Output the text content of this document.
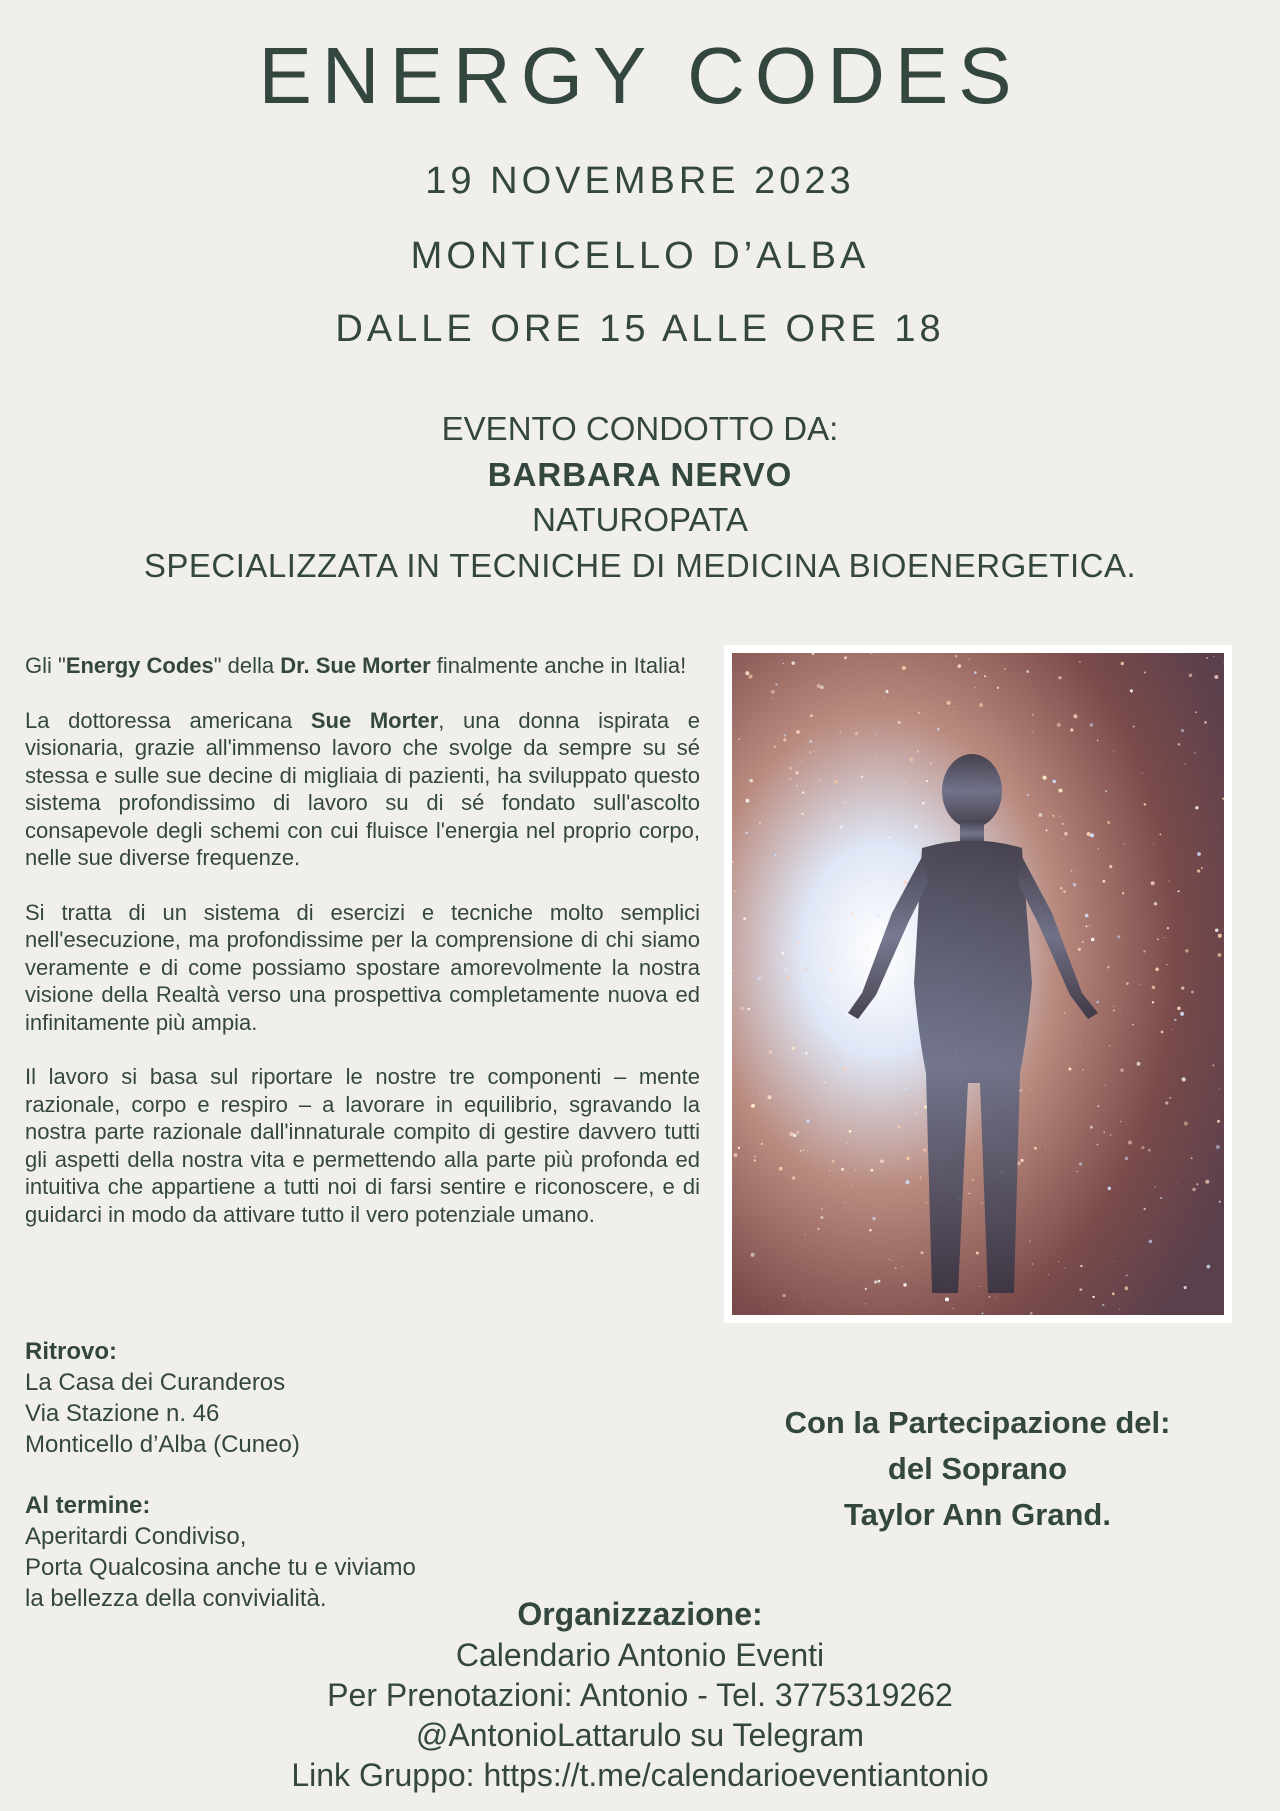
ENERGY CODES
19 NOVEMBRE 2023
MONTICELLO D’ALBA
DALLE ORE 15 ALLE ORE 18
EVENTO CONDOTTO DA:
BARBARA NERVO
NATUROPATA
SPECIALIZZATA IN TECNICHE DI MEDICINA BIOENERGETICA.

Gli "Energy Codes" della Dr. Sue Morter finalmente anche in Italia!

La dottoressa americana Sue Morter, una donna ispirata e visionaria, grazie all'immenso lavoro che svolge da sempre su sé stessa e sulle sue decine di migliaia di pazienti, ha sviluppato questo sistema profondissimo di lavoro su di sé fondato sull'ascolto consapevole degli schemi con cui fluisce l'energia nel proprio corpo, nelle sue diverse frequenze.

Si tratta di un sistema di esercizi e tecniche molto semplici nell'esecuzione, ma profondissime per la comprensione di chi siamo veramente e di come possiamo spostare amorevolmente la nostra visione della Realtà verso una prospettiva completamente nuova ed infinitamente più ampia.

Il lavoro si basa sul riportare le nostre tre componenti – mente razionale, corpo e respiro – a lavorare in equilibrio, sgravando la nostra parte razionale dall'innaturale compito di gestire davvero tutti gli aspetti della nostra vita e permettendo alla parte più profonda ed intuitiva che appartiene a tutti noi di farsi sentire e riconoscere, e di guidarci in modo da attivare tutto il vero potenziale umano.

Ritrovo:
La Casa dei Curanderos
Via Stazione n. 46
Monticello d’Alba (Cuneo)
Al termine:
Aperitardi Condiviso,
Porta Qualcosina anche tu e viviamo
la bellezza della convivialità.
Con la Partecipazione del:
del Soprano
Taylor Ann Grand.
Organizzazione:
Calendario Antonio Eventi
Per Prenotazioni: Antonio - Tel. 3775319262
@AntonioLattarulo su Telegram
Link Gruppo: https://t.me/calendarioeventiantonio
